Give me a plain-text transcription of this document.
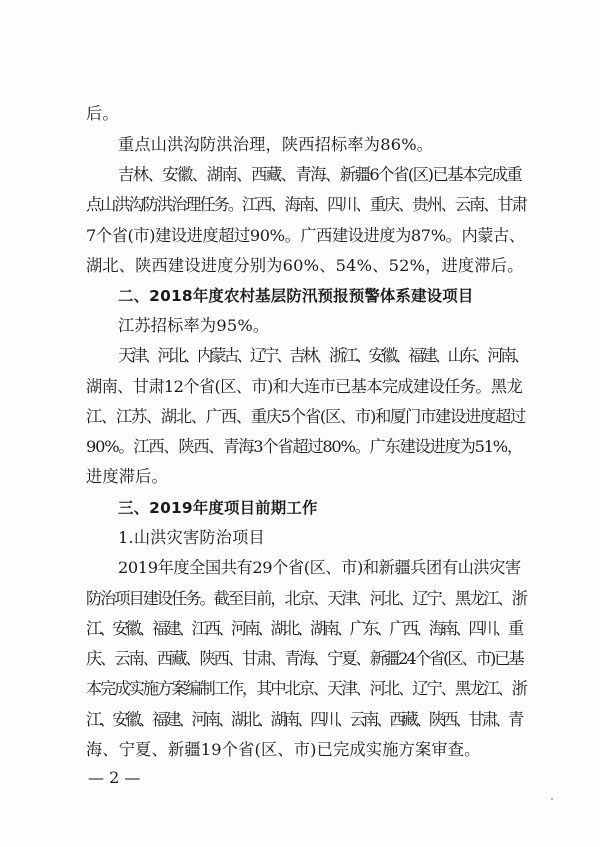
后。
重点山洪沟防洪治理，陕西招标率为86%。
吉林、安徽、湖南、西藏、青海、新疆6个省(区)已基本完成重
点山洪沟防洪治理任务。江西、海南、四川、重庆、贵州、云南、甘肃
7个省(市)建设进度超过90%。广西建设进度为87%。内蒙古、
湖北、陕西建设进度分别为60%、54%、52%，进度滞后。
二、2018年度农村基层防汛预报预警体系建设项目
江苏招标率为95%。
天津、河北、内蒙古、辽宁、吉林、浙江、安徽、福建、山东、河南、
湖南、甘肃12个省(区、市)和大连市已基本完成建设任务。黑龙
江、江苏、湖北、广西、重庆5个省(区、市)和厦门市建设进度超过
90%。江西、陕西、青海3个省超过80%。广东建设进度为51%，
进度滞后。
三、2019年度项目前期工作
1.山洪灾害防治项目
2019年度全国共有29个省(区、市)和新疆兵团有山洪灾害
防治项目建设任务。截至目前，北京、天津、河北、辽宁、黑龙江、浙
江、安徽、福建、江西、河南、湖北、湖南、广东、广西、海南、四川、重
庆、云南、西藏、陕西、甘肃、青海、宁夏、新疆24个省(区、市)已基
本完成实施方案编制工作，其中北京、天津、河北、辽宁、黑龙江、浙
江、安徽、福建、河南、湖北、湖南、四川、云南、西藏、陕西、甘肃、青
海、宁夏、新疆19个省(区、市)已完成实施方案审查。
— 2 —
